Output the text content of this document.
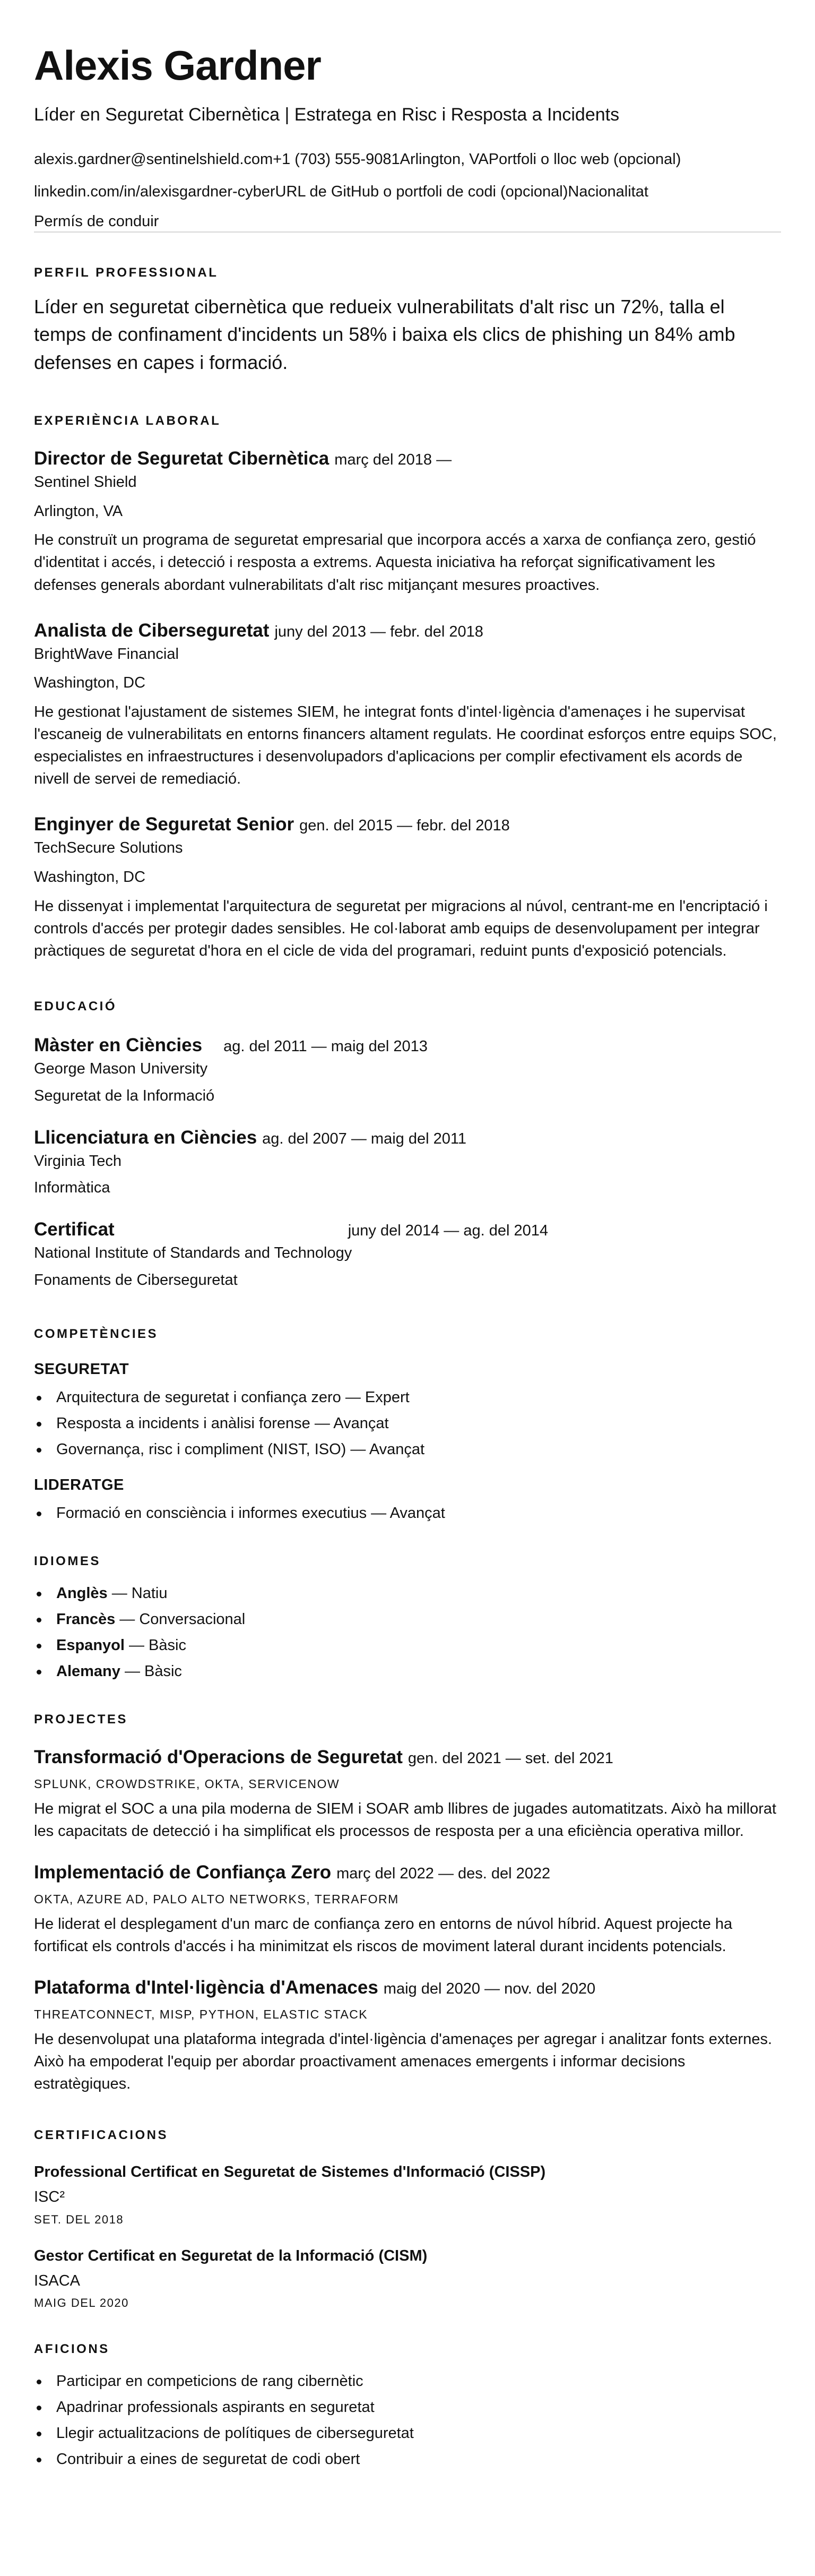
Alexis Gardner
Líder en Seguretat Cibernètica | Estratega en Risc i Resposta a Incidents
alexis.gardner@sentinelshield.com+1 (703) 555-9081Arlington, VAPortfoli o lloc web (opcional)
linkedin.com/in/alexisgardner-cyberURL de GitHub o portfoli de codi (opcional)Nacionalitat
Permís de conduir
PERFIL PROFESSIONAL
Líder en seguretat cibernètica que redueix vulnerabilitats d'alt risc un 72%, talla el temps de confinament d'incidents un 58% i baixa els clics de phishing un 84% amb defenses en capes i formació.
EXPERIÈNCIA LABORAL
Director de Seguretat Cibernètica març del 2018 —
Sentinel Shield
Arlington, VA
He construït un programa de seguretat empresarial que incorpora accés a xarxa de confiança zero, gestió d'identitat i accés, i detecció i resposta a extrems. Aquesta iniciativa ha reforçat significativament les defenses generals abordant vulnerabilitats d'alt risc mitjançant mesures proactives.
Analista de Ciberseguretat juny del 2013 — febr. del 2018
BrightWave Financial
Washington, DC
He gestionat l'ajustament de sistemes SIEM, he integrat fonts d'intel·ligència d'amenaçes i he supervisat l'escaneig de vulnerabilitats en entorns financers altament regulats. He coordinat esforços entre equips SOC, especialistes en infraestructures i desenvolupadors d'aplicacions per complir efectivament els acords de nivell de servei de remediació.
Enginyer de Seguretat Senior gen. del 2015 — febr. del 2018
TechSecure Solutions
Washington, DC
He dissenyat i implementat l'arquitectura de seguretat per migracions al núvol, centrant-me en l'encriptació i controls d'accés per protegir dades sensibles. He col·laborat amb equips de desenvolupament per integrar pràctiques de seguretat d'hora en el cicle de vida del programari, reduint punts d'exposició potencials.
EDUCACIÓ
Màster en Ciències ag. del 2011 — maig del 2013
George Mason University
Seguretat de la Informació
Llicenciatura en Ciències ag. del 2007 — maig del 2011
Virginia Tech
Informàtica
Certificat	juny del 2014 — ag. del 2014
National Institute of Standards and Technology
Fonaments de Ciberseguretat
COMPETÈNCIES
SEGURETAT
Arquitectura de seguretat i confiança zero — Expert
Resposta a incidents i anàlisi forense — Avançat
Governança, risc i compliment (NIST, ISO) — Avançat
LIDERATGE
Formació en consciència i informes executius — Avançat
IDIOMES
Anglès — Natiu
Francès — Conversacional
Espanyol — Bàsic
Alemany — Bàsic
PROJECTES
Transformació d'Operacions de Seguretat gen. del 2021 — set. del 2021
SPLUNK, CROWDSTRIKE, OKTA, SERVICENOW
He migrat el SOC a una pila moderna de SIEM i SOAR amb llibres de jugades automatitzats. Això ha millorat les capacitats de detecció i ha simplificat els processos de resposta per a una eficiència operativa millor.
Implementació de Confiança Zero març del 2022 — des. del 2022
OKTA, AZURE AD, PALO ALTO NETWORKS, TERRAFORM
He liderat el desplegament d'un marc de confiança zero en entorns de núvol híbrid. Aquest projecte ha fortificat els controls d'accés i ha minimitzat els riscos de moviment lateral durant incidents potencials.
Plataforma d'Intel·ligència d'Amenaces maig del 2020 — nov. del 2020
THREATCONNECT, MISP, PYTHON, ELASTIC STACK
He desenvolupat una plataforma integrada d'intel·ligència d'amenaçes per agregar i analitzar fonts externes. Això ha empoderat l'equip per abordar proactivament amenaces emergents i informar decisions estratègiques.
CERTIFICACIONS
Professional Certificat en Seguretat de Sistemes d'Informació (CISSP)
ISC²
SET. DEL 2018
Gestor Certificat en Seguretat de la Informació (CISM)
ISACA
MAIG DEL 2020
AFICIONS
Participar en competicions de rang cibernètic
Apadrinar professionals aspirants en seguretat
Llegir actualitzacions de polítiques de ciberseguretat
Contribuir a eines de seguretat de codi obert
